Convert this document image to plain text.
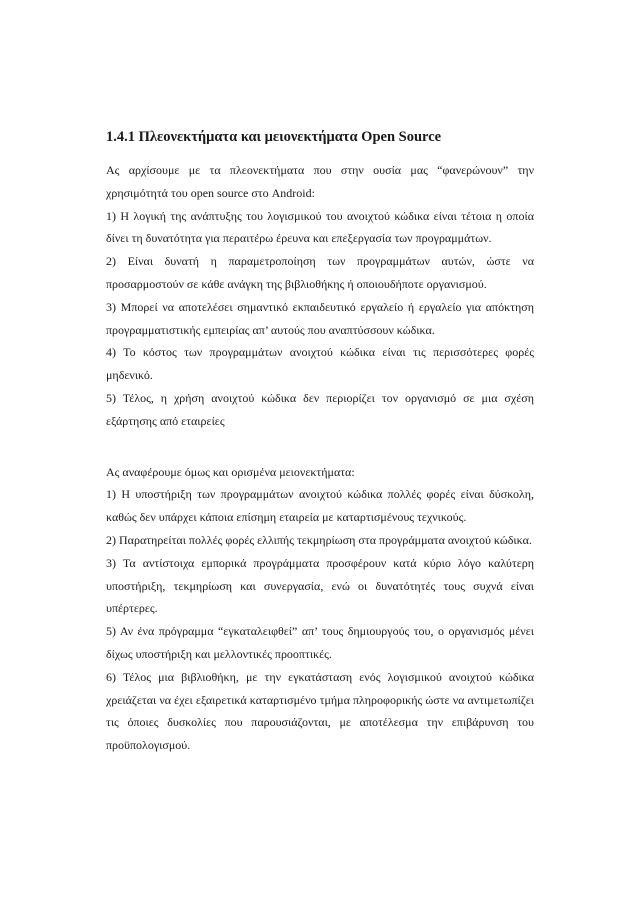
1.4.1 Πλεονεκτήματα και μειονεκτήματα Open Source

Ας αρχίσουμε με τα πλεονεκτήματα που στην ουσία μας “φανερώνουν” την χρησιμότητά του open source στο Android:

1) Η λογική της ανάπτυξης του λογισμικού του ανοιχτού κώδικα είναι τέτοια η οποία δίνει τη δυνατότητα για περαιτέρω έρευνα και επεξεργασία των προγραμμάτων.

2) Είναι δυνατή η παραμετροποίηση των προγραμμάτων αυτών, ώστε να προσαρμοστούν σε κάθε ανάγκη της βιβλιοθήκης ή οποιουδήποτε οργανισμού.

3) Μπορεί να αποτελέσει σημαντικό εκπαιδευτικό εργαλείο ή εργαλείο για απόκτηση προγραμματιστικής εμπειρίας απ’ αυτούς που αναπτύσσουν κώδικα.

4) Το κόστος των προγραμμάτων ανοιχτού κώδικα είναι τις περισσότερες φορές μηδενικό.

5) Τέλος, η χρήση ανοιχτού κώδικα δεν περιορίζει τον οργανισμό σε μια σχέση εξάρτησης από εταιρείες

Ας αναφέρουμε όμως και ορισμένα μειονεκτήματα:

1) Η υποστήριξη των προγραμμάτων ανοιχτού κώδικα πολλές φορές είναι δύσκολη, καθώς δεν υπάρχει κάποια επίσημη εταιρεία με καταρτισμένους τεχνικούς.

2) Παρατηρείται πολλές φορές ελλιπής τεκμηρίωση στα προγράμματα ανοιχτού κώδικα.

3) Τα αντίστοιχα εμπορικά προγράμματα προσφέρουν κατά κύριο λόγο καλύτερη υποστήριξη, τεκμηρίωση και συνεργασία, ενώ οι δυνατότητές τους συχνά είναι υπέρτερες.

5) Αν ένα πρόγραμμα “εγκαταλειφθεί” απ’ τους δημιουργούς του, ο οργανισμός μένει δίχως υποστήριξη και μελλοντικές προοπτικές.

6) Τέλος μια βιβλιοθήκη, με την εγκατάσταση ενός λογισμικού ανοιχτού κώδικα χρειάζεται να έχει εξαιρετικά καταρτισμένο τμήμα πληροφορικής ώστε να αντιμετωπίζει τις όποιες δυσκολίες που παρουσιάζονται, με αποτέλεσμα την επιβάρυνση του προϋπολογισμού.
